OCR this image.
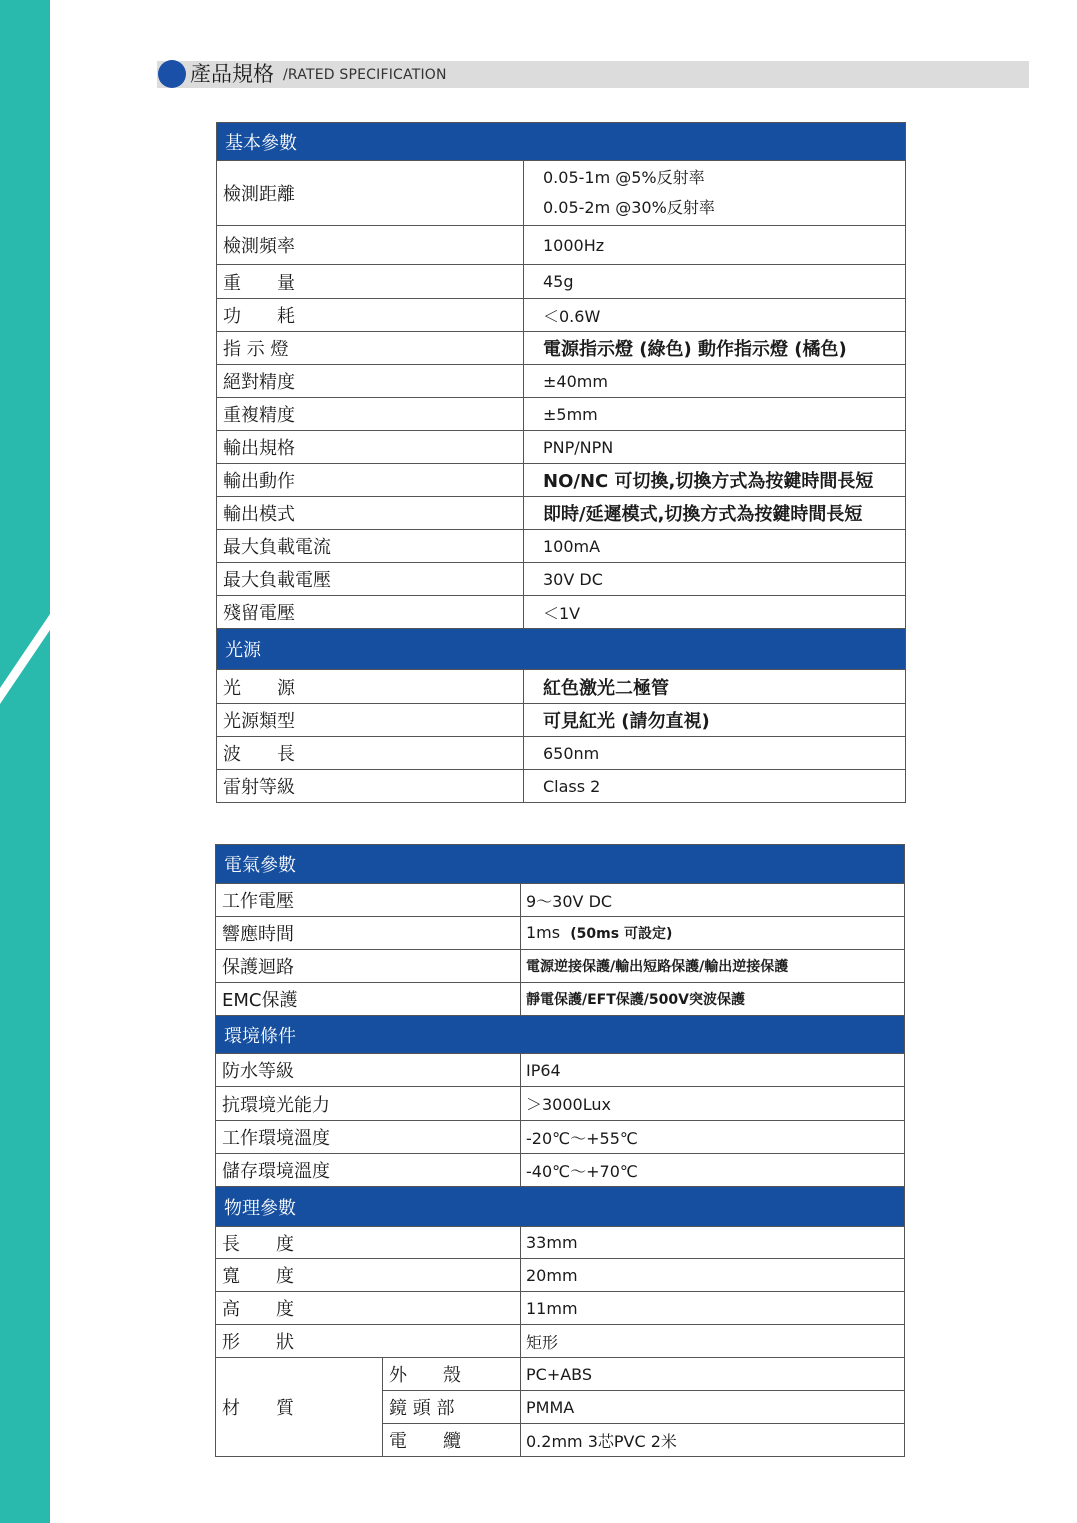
產品規格 /RATED SPECIFICATION
基本參數	
檢測距離	0.05-1m @5%反射率
0.05-2m @30%反射率

檢測頻率	1000Hz
重　　量	45g
功　　耗	＜0.6W
指 示 燈	電源指示燈 (綠色) 動作指示燈 (橘色)
絕對精度	±40mm
重複精度	±5mm
輸出規格	PNP/NPN
輸出動作	NO/NC 可切換,切換方式為按鍵時間長短
輸出模式	即時/延遲模式,切換方式為按鍵時間長短
最大負載電流	100mA
最大負載電壓	30V DC
殘留電壓	＜1V
光源	
光　　源	紅色激光二極管
光源類型	可見紅光 (請勿直視)
波　　長	650nm
雷射等級	Class 2
電氣參數		
工作電壓		9～30V DC
響應時間		1ms (50ms 可設定)
保護迴路		電源逆接保護/輸出短路保護/輸出逆接保護
EMC保護		靜電保護/EFT保護/500V突波保護
環境條件		
防水等級		IP64
抗環境光能力		＞3000Lux
工作環境溫度		-20℃～+55℃
儲存環境溫度		-40℃～+70℃
物理參數		
長　　度		33mm
寬　　度		20mm
高　　度		11mm
形　　狀		矩形
材　　質	外　　殼	PC+ABS
	鏡 頭 部	PMMA
	電　　纜	0.2mm 3芯PVC 2米
